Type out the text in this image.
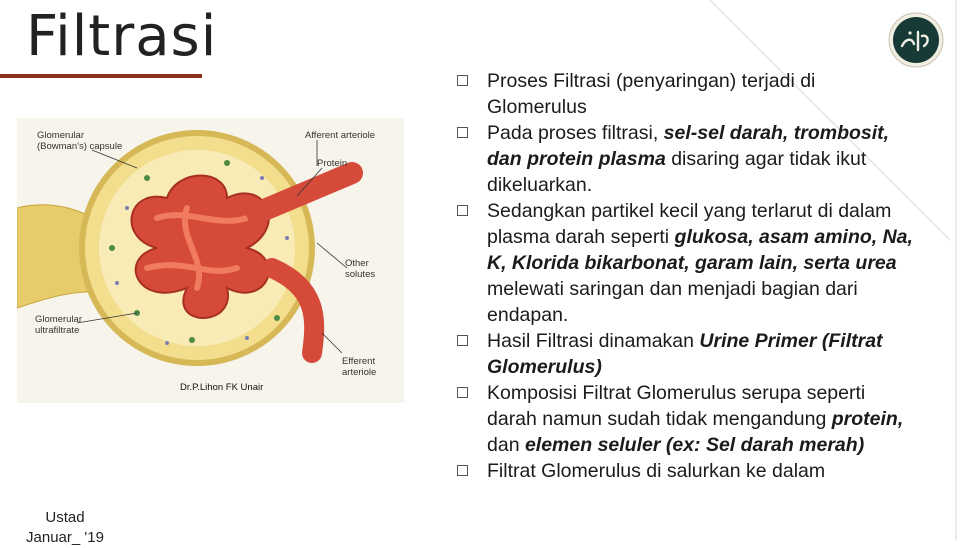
Filtrasi
Glomerular (Bowman's) capsule
Afferent arteriole
Protein
Other solutes
Glomerular ultrafiltrate
Efferent arteriole
Dr.P.Lihon FK Unair
Ustad
Januar_ '19
Proses Filtrasi (penyaringan) terjadi di Glomerulus
Pada proses filtrasi, sel-sel darah, trombosit, dan protein plasma disaring agar tidak ikut dikeluarkan.
Sedangkan partikel kecil yang terlarut di dalam plasma darah seperti glukosa, asam amino, Na, K, Klorida bikarbonat, garam lain, serta urea melewati saringan dan menjadi bagian dari endapan.
Hasil Filtrasi dinamakan Urine Primer (Filtrat Glomerulus)
Komposisi Filtrat Glomerulus serupa seperti darah namun sudah tidak mengandung protein, dan elemen seluler (ex: Sel darah merah)
Filtrat Glomerulus di salurkan ke dalam
